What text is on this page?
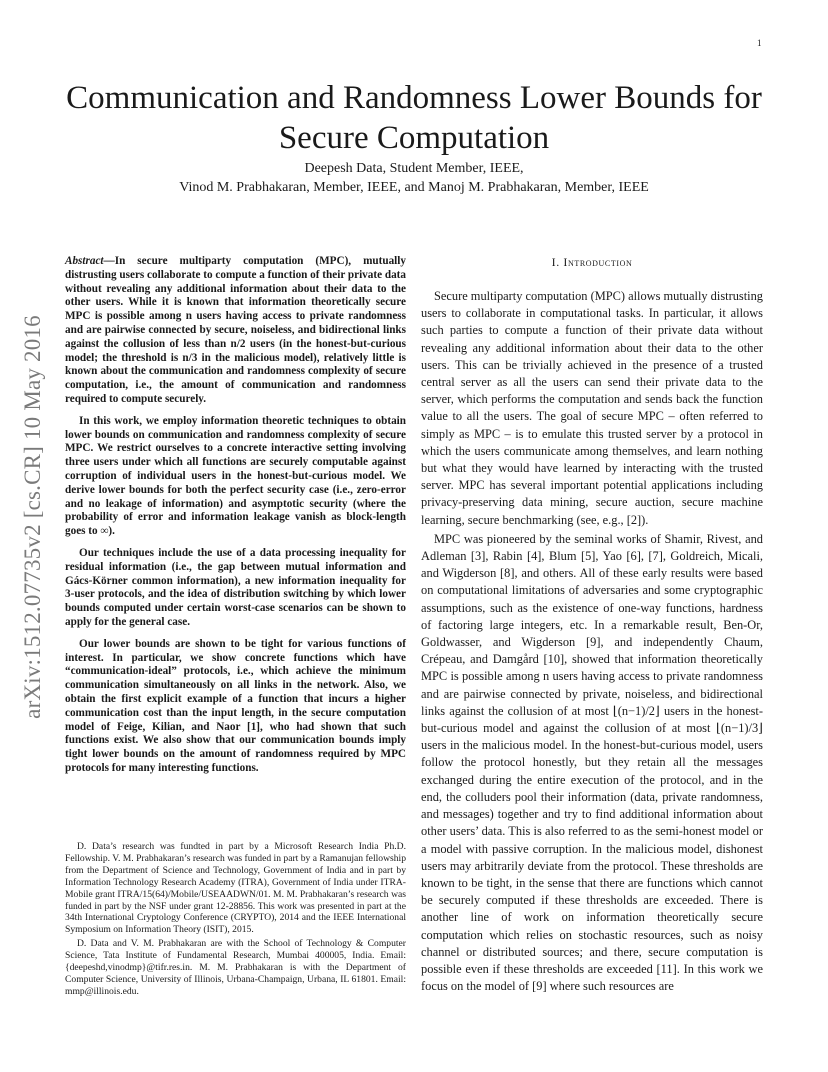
1
arXiv:1512.07735v2 [cs.CR] 10 May 2016
Communication and Randomness Lower Bounds for
Secure Computation
Deepesh Data, Student Member, IEEE,
Vinod M. Prabhakaran, Member, IEEE, and Manoj M. Prabhakaran, Member, IEEE

Abstract—In secure multiparty computation (MPC), mutually distrusting users collaborate to compute a function of their private data without revealing any additional information about their data to the other users. While it is known that information theoretically secure MPC is possible among n users having access to private randomness and are pairwise connected by secure, noiseless, and bidirectional links against the collusion of less than n/2 users (in the honest-but-curious model; the threshold is n/3 in the malicious model), relatively little is known about the communication and randomness complexity of secure computation, i.e., the amount of communication and randomness required to compute securely.

In this work, we employ information theoretic techniques to obtain lower bounds on communication and randomness complexity of secure MPC. We restrict ourselves to a concrete interactive setting involving three users under which all functions are securely computable against corruption of individual users in the honest-but-curious model. We derive lower bounds for both the perfect security case (i.e., zero-error and no leakage of information) and asymptotic security (where the probability of error and information leakage vanish as block-length goes to ∞).

Our techniques include the use of a data processing inequality for residual information (i.e., the gap between mutual information and Gács-Körner common information), a new information inequality for 3-user protocols, and the idea of distribution switching by which lower bounds computed under certain worst-case scenarios can be shown to apply for the general case.

Our lower bounds are shown to be tight for various functions of interest. In particular, we show concrete functions which have “communication-ideal” protocols, i.e., which achieve the minimum communication simultaneously on all links in the network. Also, we obtain the first explicit example of a function that incurs a higher communication cost than the input length, in the secure computation model of Feige, Kilian, and Naor [1], who had shown that such functions exist. We also show that our communication bounds imply tight lower bounds on the amount of randomness required by MPC protocols for many interesting functions.

D. Data’s research was fundted in part by a Microsoft Research India Ph.D. Fellowship. V. M. Prabhakaran’s research was funded in part by a Ramanujan fellowship from the Department of Science and Technology, Government of India and in part by Information Technology Research Academy (ITRA), Government of India under ITRA-Mobile grant ITRA/15(64)/Mobile/USEAADWN/01. M. M. Prabhakaran’s research was funded in part by the NSF under grant 12-28856. This work was presented in part at the 34th International Cryptology Conference (CRYPTO), 2014 and the IEEE International Symposium on Information Theory (ISIT), 2015.

D. Data and V. M. Prabhakaran are with the School of Technology & Computer Science, Tata Institute of Fundamental Research, Mumbai 400005, India. Email: {deepeshd,vinodmp}@tifr.res.in. M. M. Prabhakaran is with the Department of Computer Science, University of Illinois, Urbana-Champaign, Urbana, IL 61801. Email: mmp@illinois.edu.

I. Introduction

Secure multiparty computation (MPC) allows mutually distrusting users to collaborate in computational tasks. In particular, it allows such parties to compute a function of their private data without revealing any additional information about their data to the other users. This can be trivially achieved in the presence of a trusted central server as all the users can send their private data to the server, which performs the computation and sends back the function value to all the users. The goal of secure MPC – often referred to simply as MPC – is to emulate this trusted server by a protocol in which the users communicate among themselves, and learn nothing but what they would have learned by interacting with the trusted server. MPC has several important potential applications including privacy-preserving data mining, secure auction, secure machine learning, secure benchmarking (see, e.g., [2]).

MPC was pioneered by the seminal works of Shamir, Rivest, and Adleman [3], Rabin [4], Blum [5], Yao [6], [7], Goldreich, Micali, and Wigderson [8], and others. All of these early results were based on computational limitations of adversaries and some cryptographic assumptions, such as the existence of one-way functions, hardness of factoring large integers, etc. In a remarkable result, Ben-Or, Goldwasser, and Wigderson [9], and independently Chaum, Crépeau, and Damgård [10], showed that information theoretically MPC is possible among n users having access to private randomness and are pairwise connected by private, noiseless, and bidirectional links against the collusion of at most ⌊(n−1)/2⌋ users in the honest-but-curious model and against the collusion of at most ⌊(n−1)/3⌋ users in the malicious model. In the honest-but-curious model, users follow the protocol honestly, but they retain all the messages exchanged during the entire execution of the protocol, and in the end, the colluders pool their information (data, private randomness, and messages) together and try to find additional information about other users’ data. This is also referred to as the semi-honest model or a model with passive corruption. In the malicious model, dishonest users may arbitrarily deviate from the protocol. These thresholds are known to be tight, in the sense that there are functions which cannot be securely computed if these thresholds are exceeded. There is another line of work on information theoretically secure computation which relies on stochastic resources, such as noisy channel or distributed sources; and there, secure computation is possible even if these thresholds are exceeded [11]. In this work we focus on the model of [9] where such resources are
